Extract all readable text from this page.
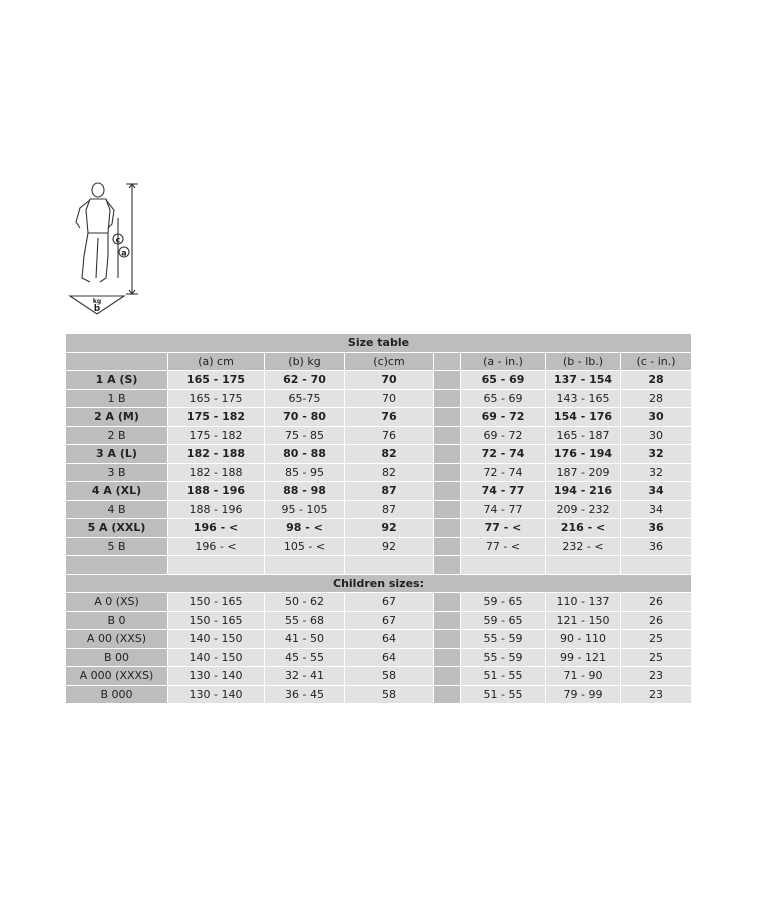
c
a
kg
b
Size table							
	(a) cm	(b) kg	(c)cm		(a - in.)	(b - lb.)	(c - in.)
1 A (S)	165 - 175	62 - 70	70		65 - 69	137 - 154	28
1 B	165 - 175	65-75	70		65 - 69	143 - 165	28
2 A (M)	175 - 182	70 - 80	76		69 - 72	154 - 176	30
2 B	175 - 182	75 - 85	76		69 - 72	165 - 187	30
3 A (L)	182 - 188	80 - 88	82		72 - 74	176 - 194	32
3 B	182 - 188	85 - 95	82		72 - 74	187 - 209	32
4 A (XL)	188 - 196	88 - 98	87		74 - 77	194 - 216	34
4 B	188 - 196	95 - 105	87		74 - 77	209 - 232	34
5 A (XXL)	196 - <	98 - <	92		77 - <	216 - <	36
5 B	196 - <	105 - <	92		77 - <	232 - <	36

Children sizes:							
A 0 (XS)	150 - 165	50 - 62	67		59 - 65	110 - 137	26
B 0	150 - 165	55 - 68	67		59 - 65	121 - 150	26
A 00 (XXS)	140 - 150	41 - 50	64		55 - 59	90 - 110	25
B 00	140 - 150	45 - 55	64		55 - 59	99 - 121	25
A 000 (XXXS)	130 - 140	32 - 41	58		51 - 55	71 - 90	23
B 000	130 - 140	36 - 45	58		51 - 55	79 - 99	23
